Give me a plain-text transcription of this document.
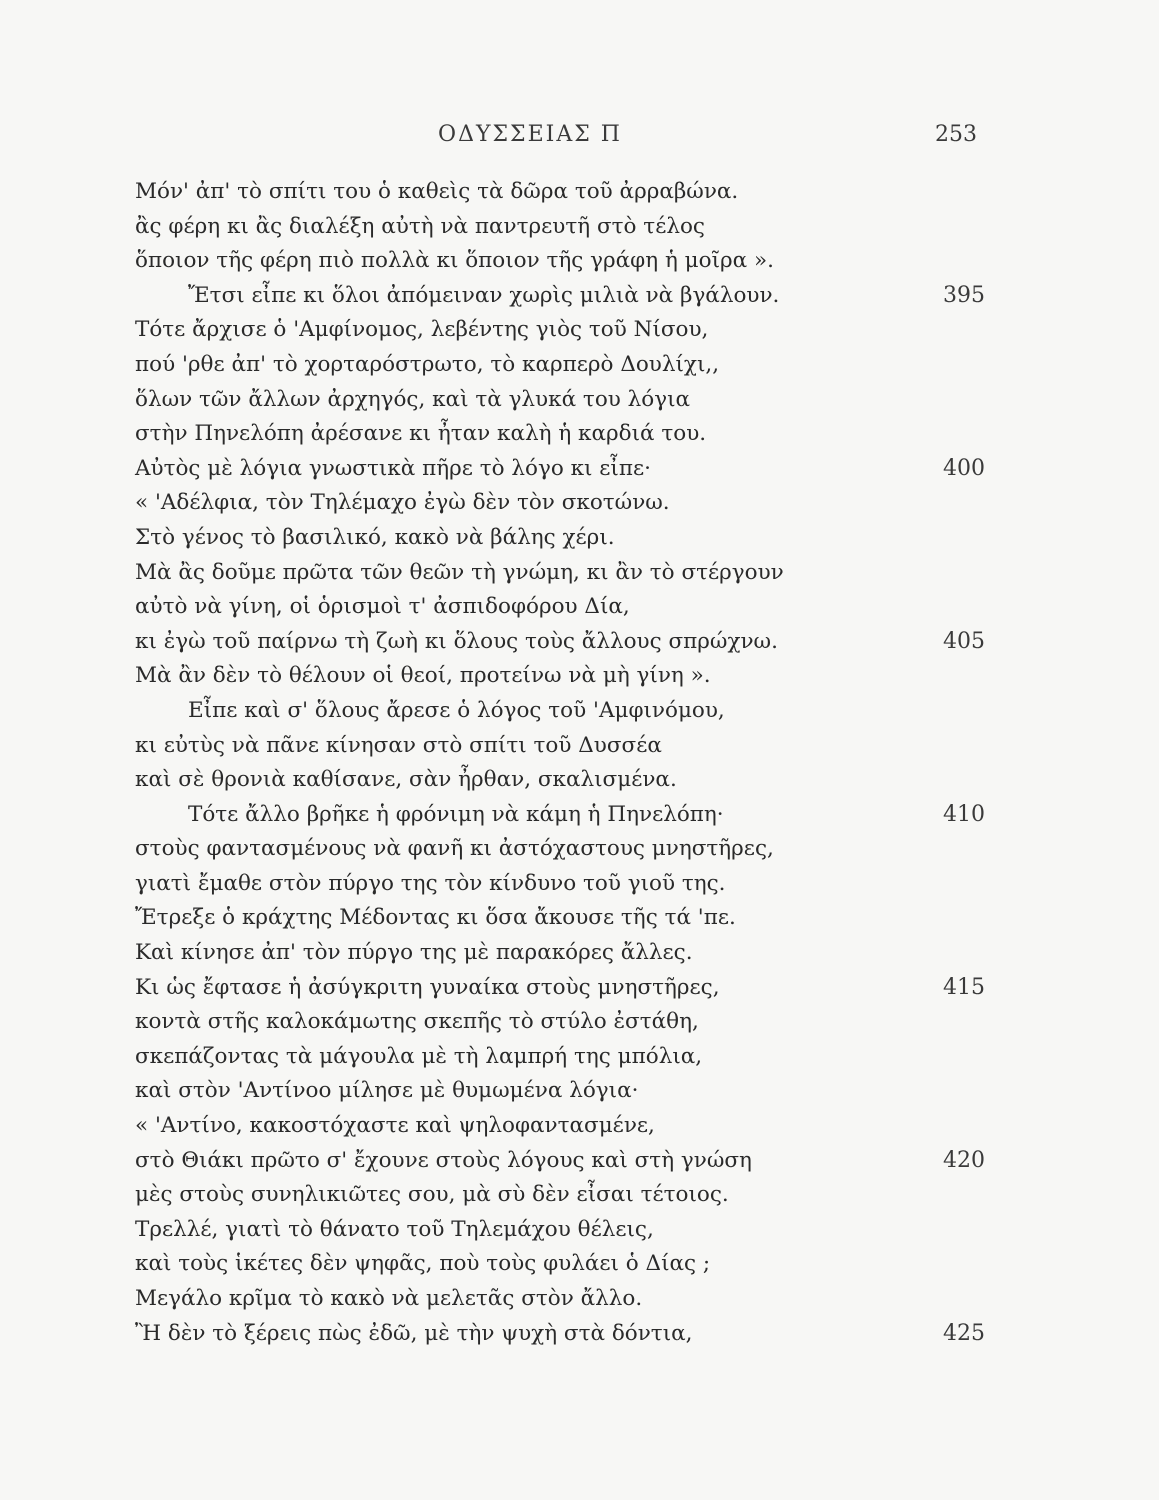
ΟΔΥΣΣΕΙΑΣ Π	253
Μόν' ἀπ' τὸ σπίτι του ὁ καθεὶς τὰ δῶρα τοῦ ἀρραβώνα.
ἂς φέρη κι ἂς διαλέξη αὐτὴ νὰ παντρευτῆ στὸ τέλος
ὅποιον τῆς φέρη πιὸ πολλὰ κι ὅποιον τῆς γράφη ἡ μοῖρα ».
Ἔτσι εἶπε κι ὅλοι ἀπόμειναν χωρὶς μιλιὰ νὰ βγάλουν.	395
Τότε ἄρχισε ὁ 'Αμφίνομος, λεβέντης γιὸς τοῦ Νίσου,
πού 'ρθε ἀπ' τὸ χορταρόστρωτο, τὸ καρπερὸ Δουλίχι,,
ὅλων τῶν ἄλλων ἀρχηγός, καὶ τὰ γλυκά του λόγια
στὴν Πηνελόπη ἀρέσανε κι ἦταν καλὴ ἡ καρδιά του.
Αὐτὸς μὲ λόγια γνωστικὰ πῆρε τὸ λόγο κι εἶπε·	400
« 'Αδέλφια, τὸν Τηλέμαχο ἐγὼ δὲν τὸν σκοτώνω.
Στὸ γένος τὸ βασιλικό, κακὸ νὰ βάλης χέρι.
Μὰ ἂς δοῦμε πρῶτα τῶν θεῶν τὴ γνώμη, κι ἂν τὸ στέργουν
αὐτὸ νὰ γίνη, οἱ ὁρισμοὶ τ' ἀσπιδοφόρου Δία,
κι ἐγὼ τοῦ παίρνω τὴ ζωὴ κι ὅλους τοὺς ἄλλους σπρώχνω.	405
Μὰ ἂν δὲν τὸ θέλουν οἱ θεοί, προτείνω νὰ μὴ γίνη ».
Εἶπε καὶ σ' ὅλους ἄρεσε ὁ λόγος τοῦ 'Αμφινόμου,
κι εὐτὺς νὰ πᾶνε κίνησαν στὸ σπίτι τοῦ Δυσσέα
καὶ σὲ θρονιὰ καθίσανε, σὰν ἦρθαν, σκαλισμένα.
Τότε ἄλλο βρῆκε ἡ φρόνιμη νὰ κάμη ἡ Πηνελόπη·	410
στοὺς φαντασμένους νὰ φανῆ κι ἀστόχαστους μνηστῆρες,
γιατὶ ἔμαθε στὸν πύργο της τὸν κίνδυνο τοῦ γιοῦ της.
Ἔτρεξε ὁ κράχτης Μέδοντας κι ὅσα ἄκουσε τῆς τά 'πε.
Καὶ κίνησε ἀπ' τὸν πύργο της μὲ παρακόρες ἄλλες.
Κι ὡς ἔφτασε ἡ ἀσύγκριτη γυναίκα στοὺς μνηστῆρες,	415
κοντὰ στῆς καλοκάμωτης σκεπῆς τὸ στύλο ἐστάθη,
σκεπάζοντας τὰ μάγουλα μὲ τὴ λαμπρή της μπόλια,
καὶ στὸν 'Αντίνοο μίλησε μὲ θυμωμένα λόγια·
« 'Αντίνο, κακοστόχαστε καὶ ψηλοφαντασμένε,
στὸ Θιάκι πρῶτο σ' ἔχουνε στοὺς λόγους καὶ στὴ γνώση	420
μὲς στοὺς συνηλικιῶτες σου, μὰ σὺ δὲν εἶσαι τέτοιος.
Τρελλέ, γιατὶ τὸ θάνατο τοῦ Τηλεμάχου θέλεις,
καὶ τοὺς ἱκέτες δὲν ψηφᾶς, ποὺ τοὺς φυλάει ὁ Δίας ;
Μεγάλο κρῖμα τὸ κακὸ νὰ μελετᾶς στὸν ἄλλο.
Ἢ δὲν τὸ ξέρεις πὼς ἐδῶ, μὲ τὴν ψυχὴ στὰ δόντια,	425
